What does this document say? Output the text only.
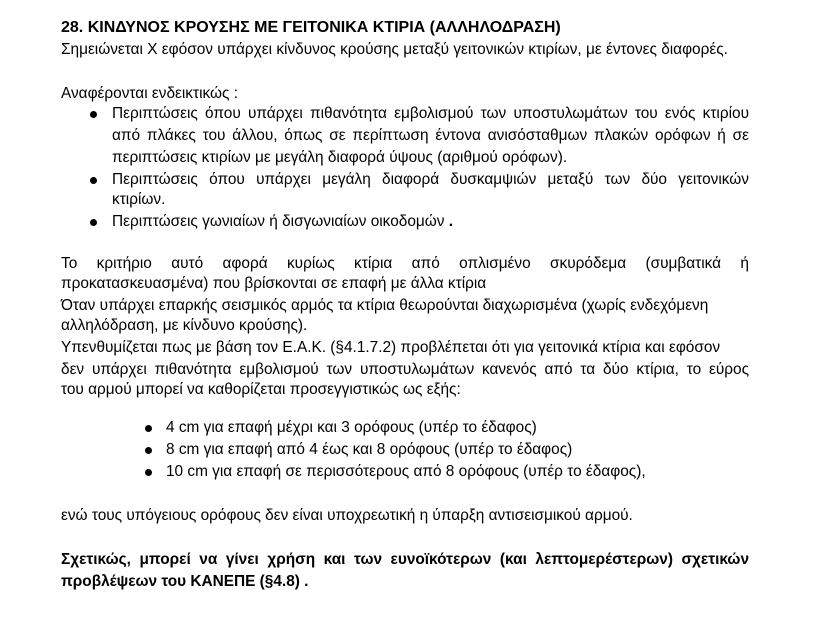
28. ΚΙΝΔΥΝΟΣ ΚΡΟΥΣΗΣ ΜΕ ΓΕΙΤΟΝΙΚΑ ΚΤΙΡΙΑ (ΑΛΛΗΛΟΔΡΑΣΗ)
Σημειώνεται Χ εφόσον υπάρχει κίνδυνος κρούσης μεταξύ γειτονικών κτιρίων, με έντονες διαφορές.
Αναφέρονται ενδεικτικώς :
Περιπτώσεις όπου υπάρχει πιθανότητα εμβολισμού των υποστυλωμάτων του ενός κτιρίου
από πλάκες του άλλου, όπως σε περίπτωση έντονα ανισόσταθμων πλακών ορόφων ή σε
περιπτώσεις κτιρίων με μεγάλη διαφορά ύψους (αριθμού ορόφων).
Περιπτώσεις όπου υπάρχει μεγάλη διαφορά δυσκαμψιών μεταξύ των δύο γειτονικών
κτιρίων.
Περιπτώσεις γωνιαίων ή δισγωνιαίων οικοδομών .
Το κριτήριο αυτό αφορά κυρίως κτίρια από οπλισμένο σκυρόδεμα (συμβατικά ή
προκατασκευασμένα) που βρίσκονται σε επαφή με άλλα κτίρια
Όταν υπάρχει επαρκής σεισμικός αρμός τα κτίρια θεωρούνται διαχωρισμένα (χωρίς ενδεχόμενη
αλληλόδραση, με κίνδυνο κρούσης).
Υπενθυμίζεται πως με βάση τον Ε.Α.Κ. (§4.1.7.2) προβλέπεται ότι για γειτονικά κτίρια και εφόσον
δεν υπάρχει πιθανότητα εμβολισμού των υποστυλωμάτων κανενός από τα δύο κτίρια, το εύρος
του αρμού μπορεί να καθορίζεται προσεγγιστικώς ως εξής:
4 cm για επαφή μέχρι και 3 ορόφους (υπέρ το έδαφος)
8 cm για επαφή από 4 έως και 8 ορόφους (υπέρ το έδαφος)
10 cm για επαφή σε περισσότερους από 8 ορόφους (υπέρ το έδαφος),
ενώ τους υπόγειους ορόφους δεν είναι υποχρεωτική η ύπαρξη αντισεισμικού αρμού.
Σχετικώς, μπορεί να γίνει χρήση και των ευνοϊκότερων (και λεπτομερέστερων) σχετικών
προβλέψεων του ΚΑΝΕΠΕ (§4.8) .
